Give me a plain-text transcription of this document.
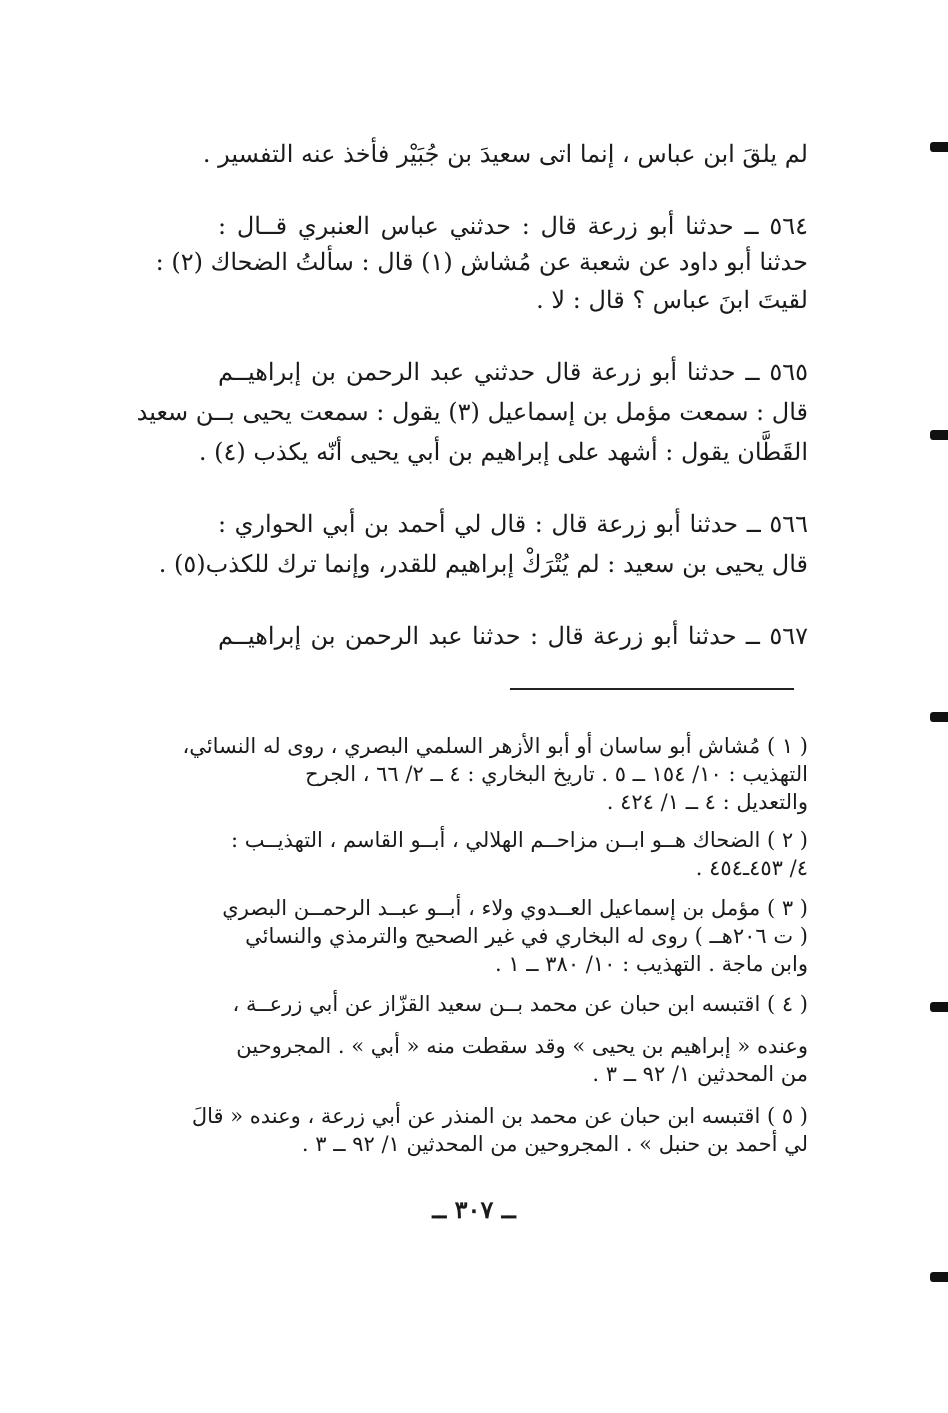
لم يلقَ ابن عباس ، إنما اتى سعيدَ بن جُبَيْر فأخذ عنه التفسير .
٥٦٤ ــ حدثنا أبو زرعة قال : حدثني عباس العنبري قــال :
حدثنا أبو داود عن شعبة عن مُشاش (١) قال : سألتُ الضحاك (٢) :
لقيتَ ابنَ عباس ؟ قال : لا .
٥٦٥ ــ حدثنا أبو زرعة قال حدثني عبد الرحمن بن إبراهيــم
قال : سمعت مؤمل بن إسماعيل (٣) يقول : سمعت يحيى بــن سعيد
القَطَّان يقول : أشهد على إبراهيم بن أبي يحيى أنّه يكذب (٤) .
٥٦٦ ــ حدثنا أبو زرعة قال : قال لي أحمد بن أبي الحواري :
قال يحيى بن سعيد : لم يُتْرَكْ إبراهيم للقدر، وإنما ترك للكذب(٥) .
٥٦٧ ــ حدثنا أبو زرعة قال : حدثنا عبد الرحمن بن إبراهيــم
( ١ ) مُشاش أبو ساسان أو أبو الأزهر السلمي البصري ، روى له النسائي،
التهذيب : ١٠/ ١٥٤ ــ ٥ . تاريخ البخاري : ٤ ــ ٢/ ٦٦ ، الجرح
والتعديل : ٤ ــ ١/ ٤٢٤ .
( ٢ ) الضحاك هــو ابــن مزاحــم الهلالي ، أبــو القاسم ، التهذيــب :
٤/ ٤٥٣ـ٤٥٤ .
( ٣ ) مؤمل بن إسماعيل العــدوي ولاء ، أبــو عبــد الرحمــن البصري
( ت ٢٠٦هــ ) روى له البخاري في غير الصحيح والترمذي والنسائي
وابن ماجة . التهذيب : ١٠/ ٣٨٠ ــ ١ .
( ٤ ) اقتبسه ابن حبان عن محمد بــن سعيد القزّاز عن أبي زرعــة ،
وعنده « إبراهيم بن يحيى » وقد سقطت منه « أبي » . المجروحين
من المحدثين ١/ ٩٢ ــ ٣ .
( ٥ ) اقتبسه ابن حبان عن محمد بن المنذر عن أبي زرعة ، وعنده « قالَ
لي أحمد بن حنبل » . المجروحين من المحدثين ١/ ٩٢ ــ ٣ .
ــ ٣٠٧ ــ
